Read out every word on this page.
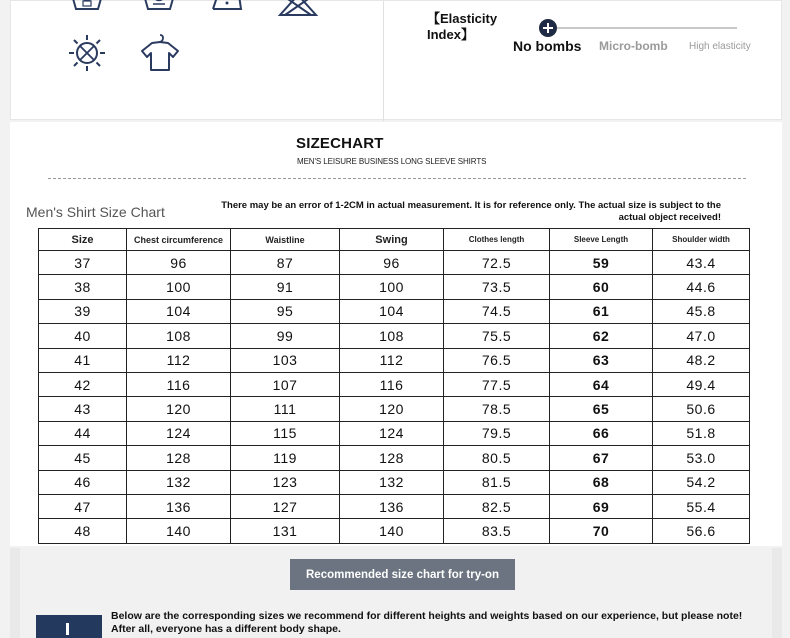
【Elasticity Index】
No bombs Micro-bomb High elasticity
SIZECHART
MEN'S LEISURE BUSINESS LONG SLEEVE SHIRTS
Men's Shirt Size Chart	There may be an error of 1-2CM in actual measurement. It is for reference only. The actual size is subject to the actual object received!
Size	Chest circumference	Waistline	Swing	Clothes length	Sleeve Length	Shoulder width
37	96	87	96	72.5	59	43.4
38	100	91	100	73.5	60	44.6
39	104	95	104	74.5	61	45.8
40	108	99	108	75.5	62	47.0
41	112	103	112	76.5	63	48.2
42	116	107	116	77.5	64	49.4
43	120	111	120	78.5	65	50.6
44	124	115	124	79.5	66	51.8
45	128	119	128	80.5	67	53.0
46	132	123	132	81.5	68	54.2
47	136	127	136	82.5	69	55.4
48	140	131	140	83.5	70	56.6
Recommended size chart for try-on
Below are the corresponding sizes we recommend for different heights and weights based on our experience, but please note! After all, everyone has a different body shape.
